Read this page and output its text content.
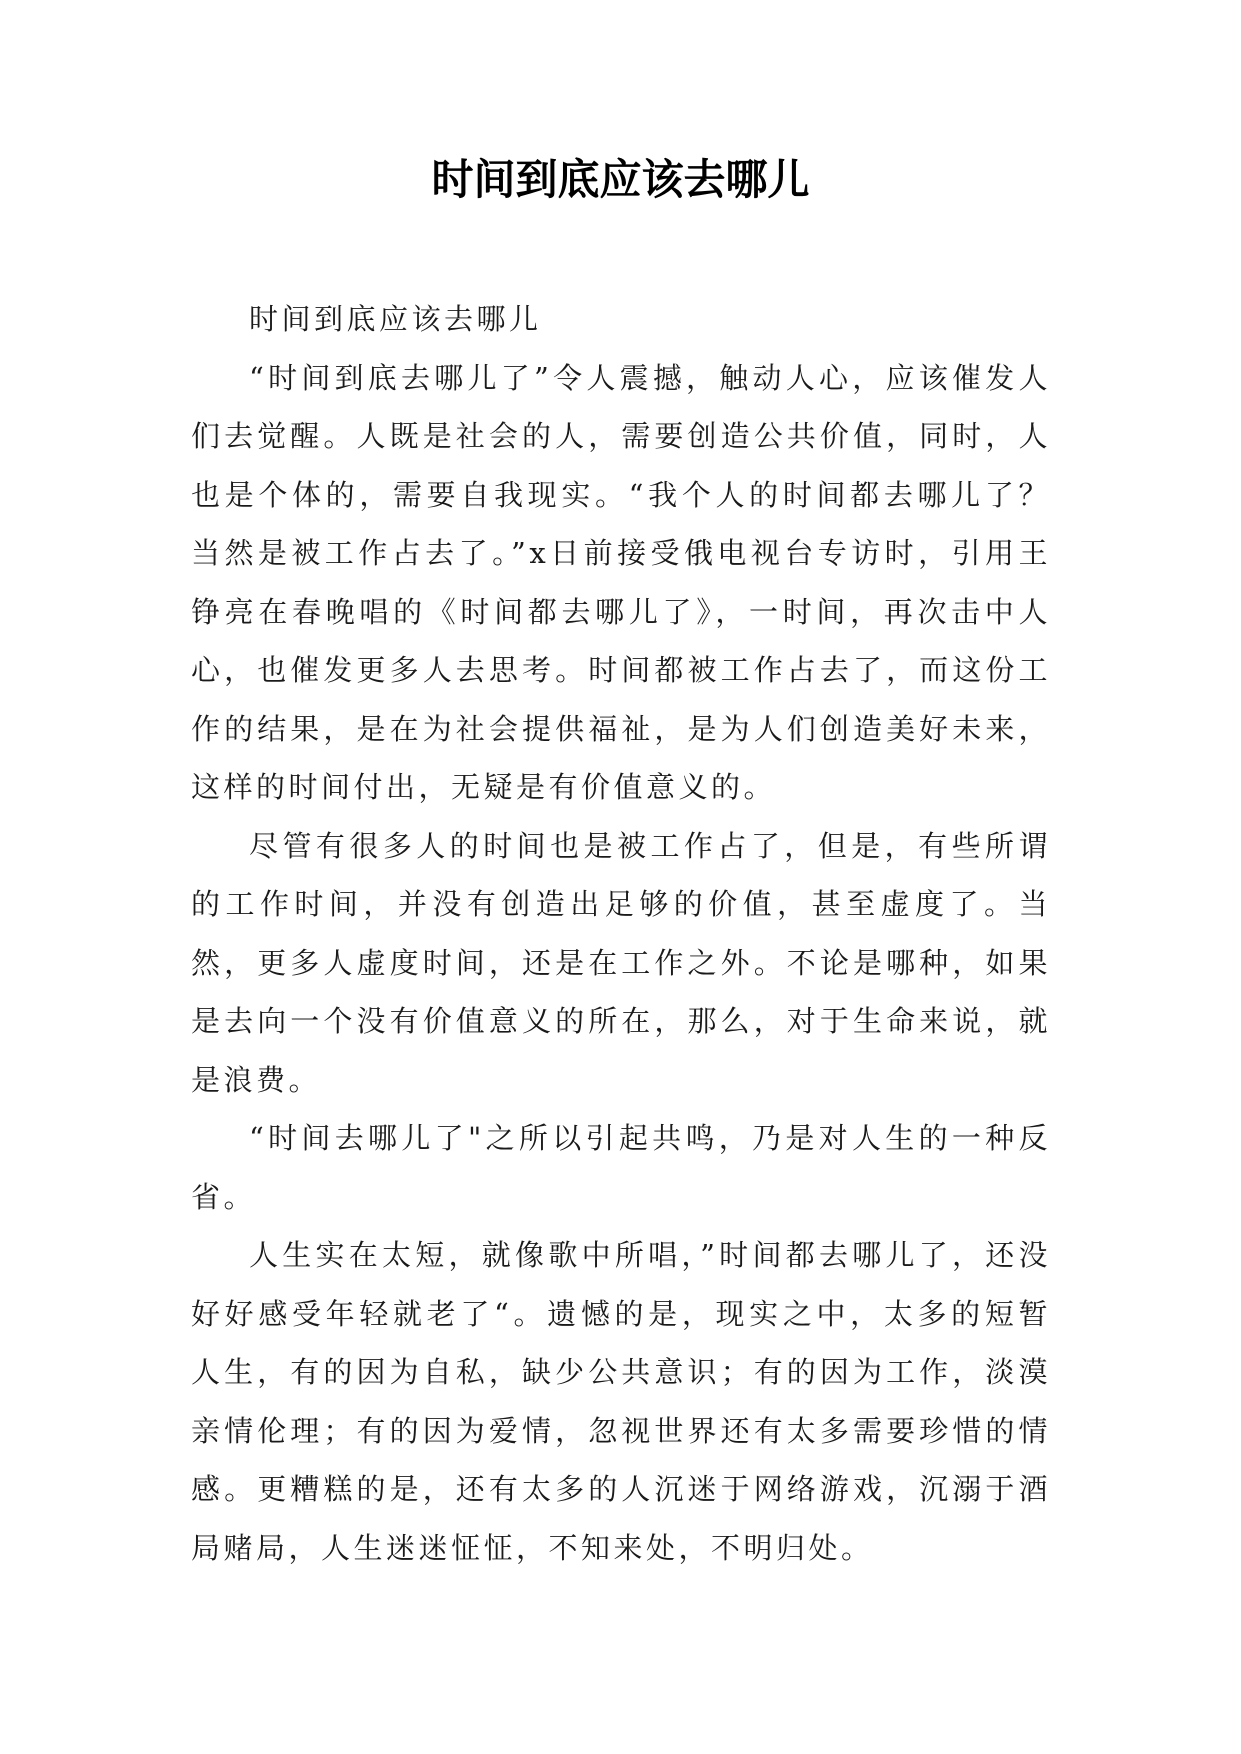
时间到底应该去哪儿

时间到底应该去哪儿

“时间到底去哪儿了”令人震撼，触动人心，应该催发人们去觉醒。人既是社会的人，需要创造公共价值，同时，人也是个体的，需要自我现实。“我个人的时间都去哪儿了？当然是被工作占去了。”x日前接受俄电视台专访时，引用王铮亮在春晚唱的《时间都去哪儿了》，一时间，再次击中人心，也催发更多人去思考。时间都被工作占去了，而这份工作的结果，是在为社会提供福祉，是为人们创造美好未来，这样的时间付出，无疑是有价值意义的。

尽管有很多人的时间也是被工作占了，但是，有些所谓的工作时间，并没有创造出足够的价值，甚至虚度了。当然，更多人虚度时间，还是在工作之外。不论是哪种，如果是去向一个没有价值意义的所在，那么，对于生命来说，就是浪费。

“时间去哪儿了"之所以引起共鸣，乃是对人生的一种反省。

人生实在太短，就像歌中所唱，”时间都去哪儿了，还没好好感受年轻就老了“。遗憾的是，现实之中，太多的短暂人生，有的因为自私，缺少公共意识；有的因为工作，淡漠亲情伦理；有的因为爱情，忽视世界还有太多需要珍惜的情感。更糟糕的是，还有太多的人沉迷于网络游戏，沉溺于酒局赌局，人生迷迷怔怔，不知来处，不明归处。
